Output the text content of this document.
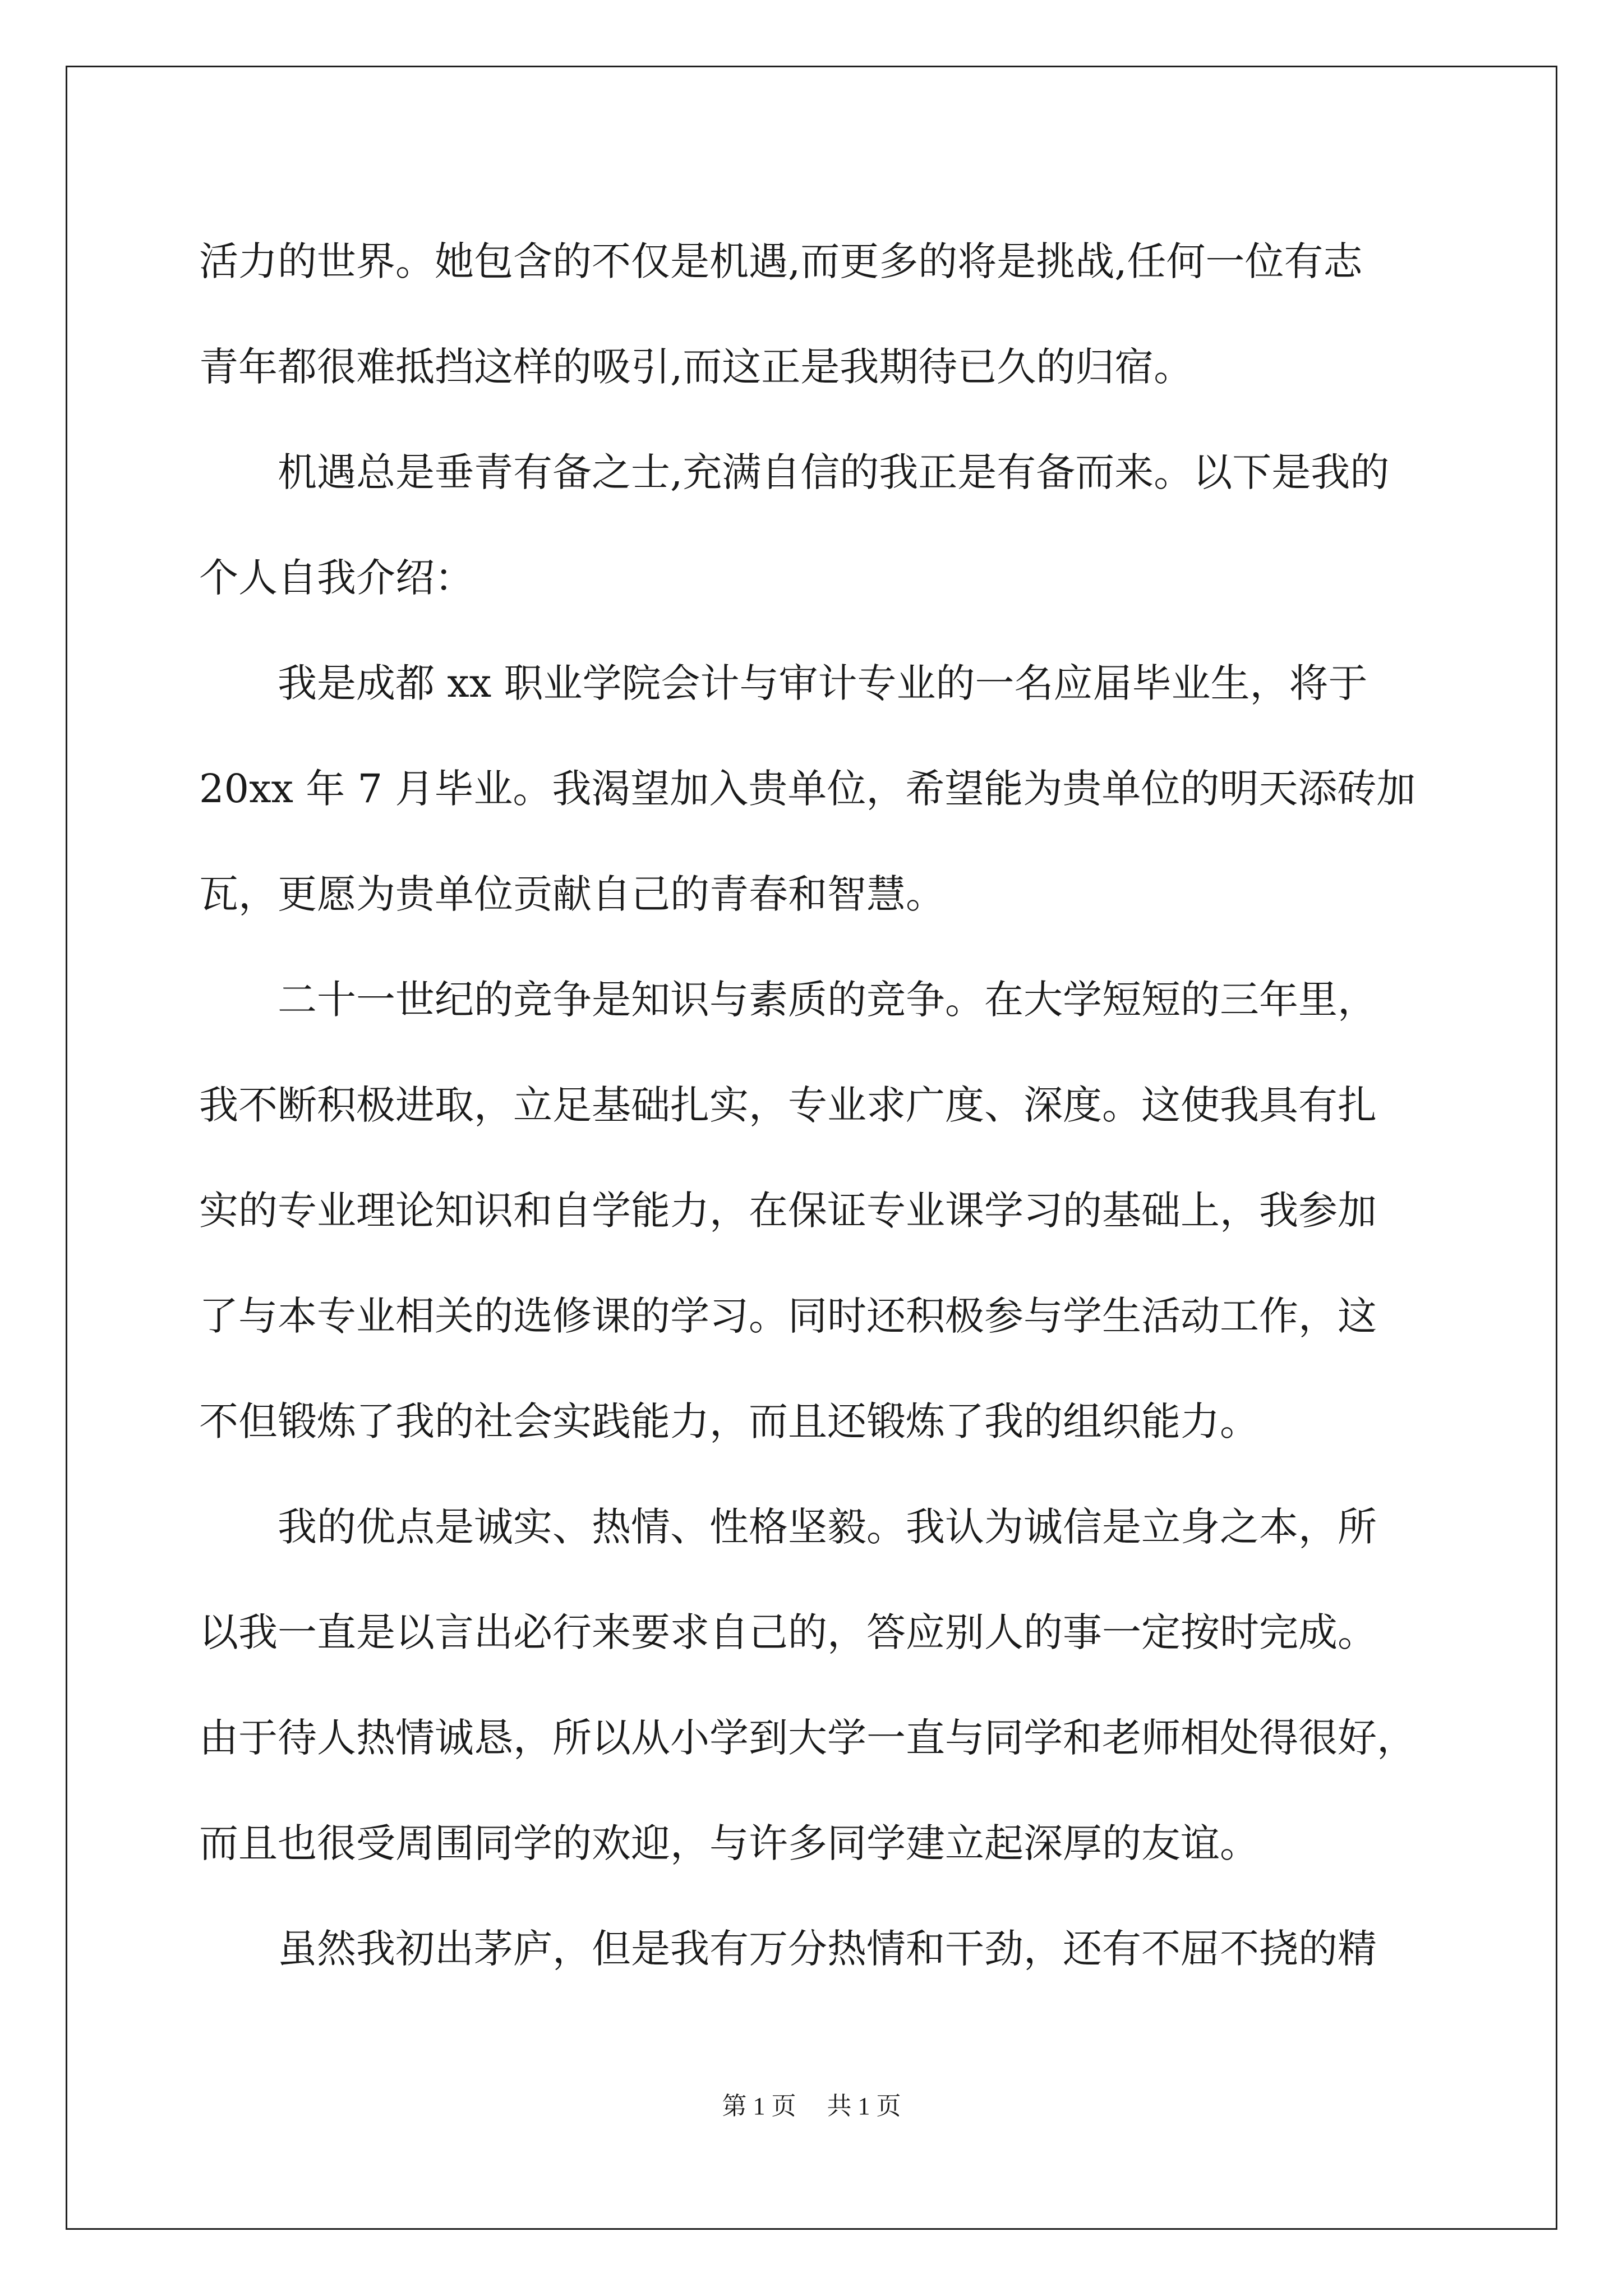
活力的世界。她包含的不仅是机遇,而更多的将是挑战,任何一位有志
青年都很难抵挡这样的吸引,而这正是我期待已久的归宿。
　　机遇总是垂青有备之士,充满自信的我正是有备而来。以下是我的
个人自我介绍：
　　我是成都 xx 职业学院会计与审计专业的一名应届毕业生，将于
20xx 年 7 月毕业。我渴望加入贵单位，希望能为贵单位的明天添砖加
瓦，更愿为贵单位贡献自己的青春和智慧。
　　二十一世纪的竞争是知识与素质的竞争。在大学短短的三年里，
我不断积极进取，立足基础扎实，专业求广度、深度。这使我具有扎
实的专业理论知识和自学能力，在保证专业课学习的基础上，我参加
了与本专业相关的选修课的学习。同时还积极参与学生活动工作，这
不但锻炼了我的社会实践能力，而且还锻炼了我的组织能力。
　　我的优点是诚实、热情、性格坚毅。我认为诚信是立身之本，所
以我一直是以言出必行来要求自己的，答应别人的事一定按时完成。
由于待人热情诚恳，所以从小学到大学一直与同学和老师相处得很好，
而且也很受周围同学的欢迎，与许多同学建立起深厚的友谊。
　　虽然我初出茅庐，但是我有万分热情和干劲，还有不屈不挠的精
第 1 页　 共 1 页
